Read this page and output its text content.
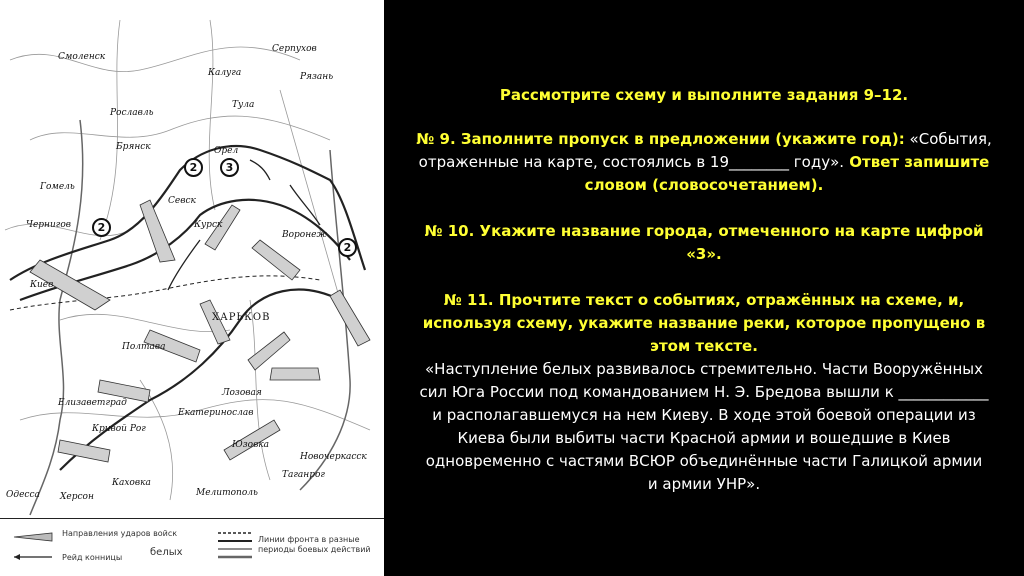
Смоленск
Серпухов
Калуга	Рязань
Рославль
Тула
Брянск	Орёл
Гомель
Севск
Чернигов	Курск
Воронеж
Киев
ХАРЬКОВ
Полтава
Лозовая
Елизаветград
Екатеринослав
Кривой Рог
Юзовка
Новочеркасск
Таганрог
Одесса Херсон
Каховка
Мелитополь
2	3
2
2
Направления ударов войск
белых
Рейд конницы
Линии фронта в разные
периоды боевых действий

Рассмотрите схему и выполните задания 9–12.

№ 9. Заполните пропуск в предложении (укажите год): «События,

отраженные на карте, состоялись в 19________ году». Ответ запишите

словом (словосочетанием).

№ 10. Укажите название города, отмеченного на карте цифрой

«3».

№ 11. Прочтите текст о событиях, отражённых на схеме, и,

используя схему, укажите название реки, которое пропущено в

этом тексте.

«Наступление белых развивалось стремительно. Части Вооружённых

сил Юга России под командованием Н. Э. Бредова вышли к ____________

и располагавшемуся на нем Киеву. В ходе этой боевой операции из

Киева были выбиты части Красной армии и вошедшие в Киев

одновременно с частями ВСЮР объединённые части Галицкой армии

и армии УНР».
